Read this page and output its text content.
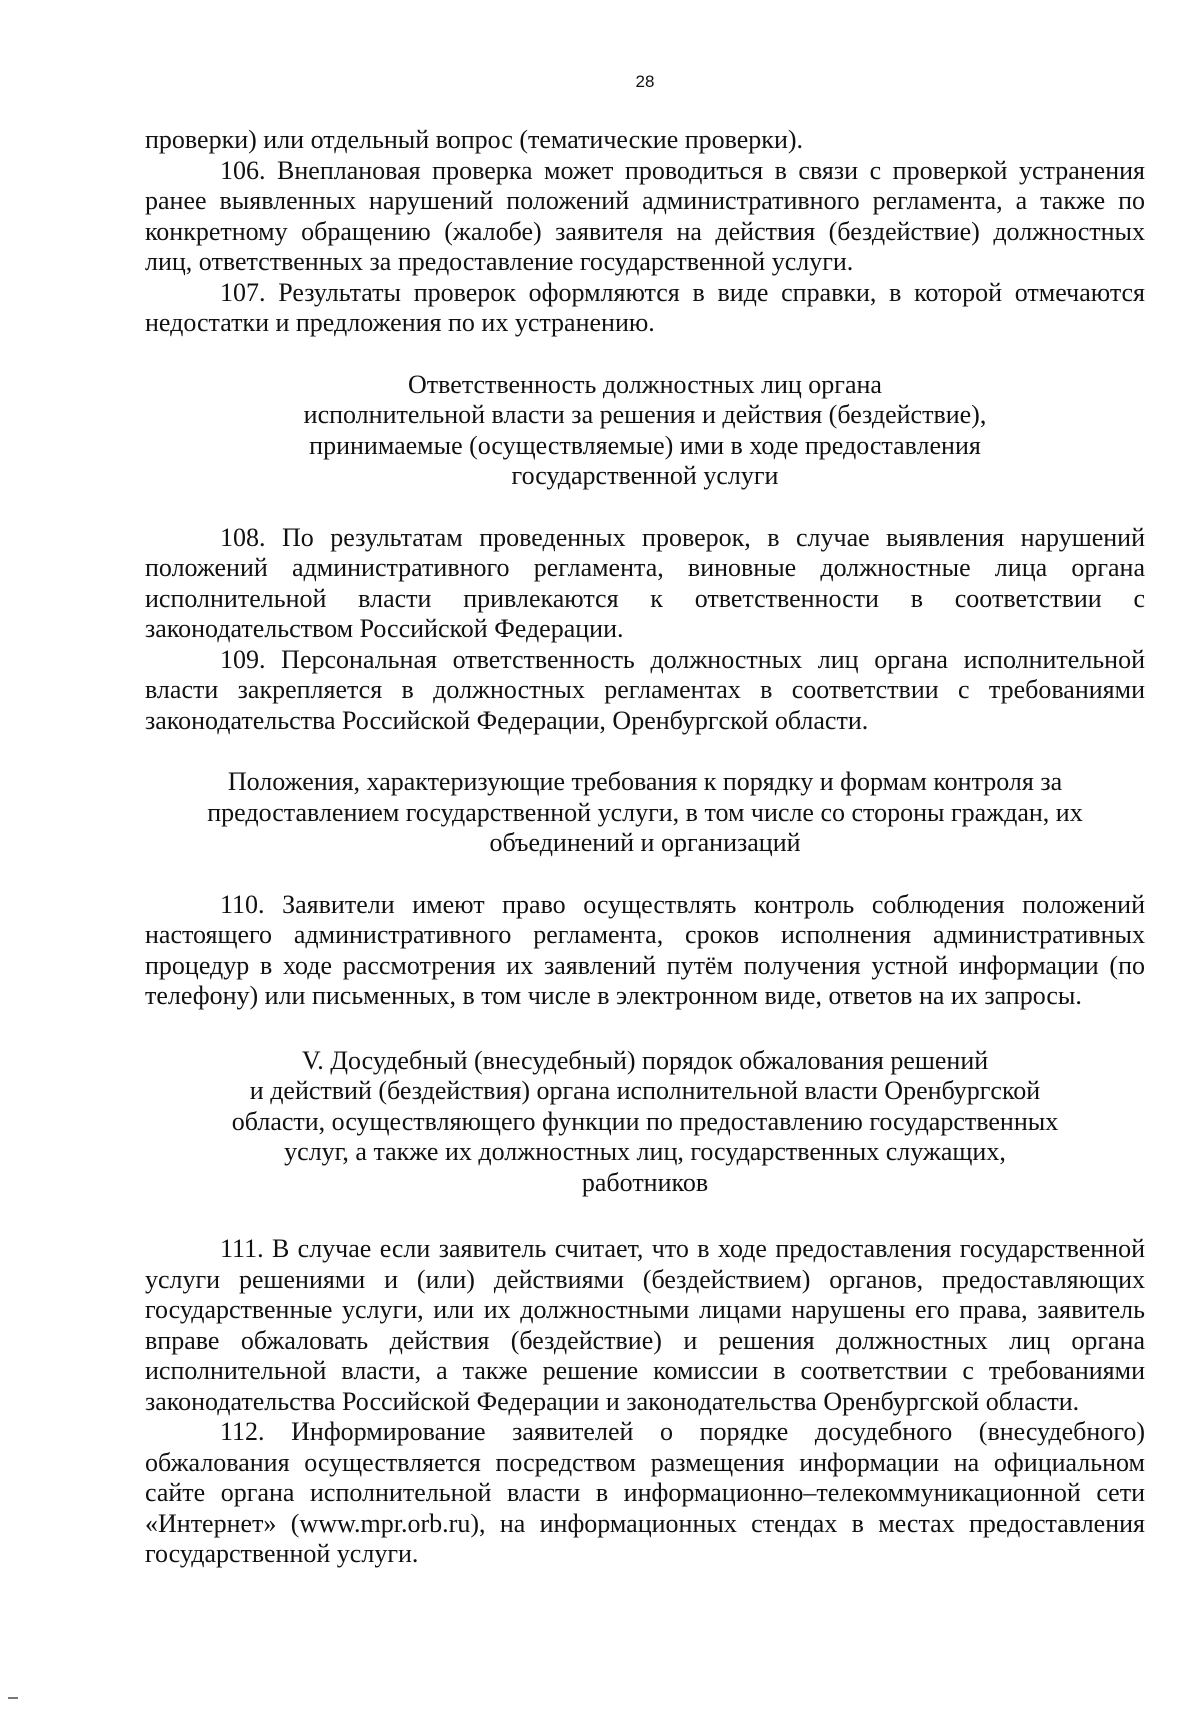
28

проверки) или отдельный вопрос (тематические проверки).

106. Внеплановая проверка может проводиться в связи с проверкой устранения ранее выявленных нарушений положений административного регламента, а также по конкретному обращению (жалобе) заявителя на действия (бездействие) должностных лиц, ответственных за предоставление государственной услуги.

107. Результаты проверок оформляются в виде справки, в которой отмечаются недостатки и предложения по их устранению.

Ответственность должностных лиц органа
исполнительной власти за решения и действия (бездействие),
принимаемые (осуществляемые) ими в ходе предоставления
государственной услуги

108. По результатам проведенных проверок, в случае выявления нарушений положений административного регламента, виновные должностные лица органа исполнительной власти привлекаются к ответственности в соответствии с законодательством Российской Федерации.

109. Персональная ответственность должностных лиц органа исполнительной власти закрепляется в должностных регламентах в соответствии с требованиями законодательства Российской Федерации, Оренбургской области.

Положения, характеризующие требования к порядку и формам контроля за
предоставлением государственной услуги, в том числе со стороны граждан, их
объединений и организаций

110. Заявители имеют право осуществлять контроль соблюдения положений настоящего административного регламента, сроков исполнения административных процедур в ходе рассмотрения их заявлений путём получения устной информации (по телефону) или письменных, в том числе в электронном виде, ответов на их запросы.

V. Досудебный (внесудебный) порядок обжалования решений
и действий (бездействия) органа исполнительной власти Оренбургской
области, осуществляющего функции по предоставлению государственных
услуг, а также их должностных лиц, государственных служащих,
работников

111. В случае если заявитель считает, что в ходе предоставления государственной услуги решениями и (или) действиями (бездействием) органов, предоставляющих государственные услуги, или их должностными лицами нарушены его права, заявитель вправе обжаловать действия (бездействие) и решения должностных лиц органа исполнительной власти, а также решение комиссии в соответствии с требованиями законодательства Российской Федерации и законодательства Оренбургской области.

112. Информирование заявителей о порядке досудебного (внесудебного) обжалования осуществляется посредством размещения информации на официальном сайте органа исполнительной власти в информационно–телекоммуникационной сети «Интернет» (www.mpr.orb.ru), на информационных стендах в местах предоставления государственной услуги.
